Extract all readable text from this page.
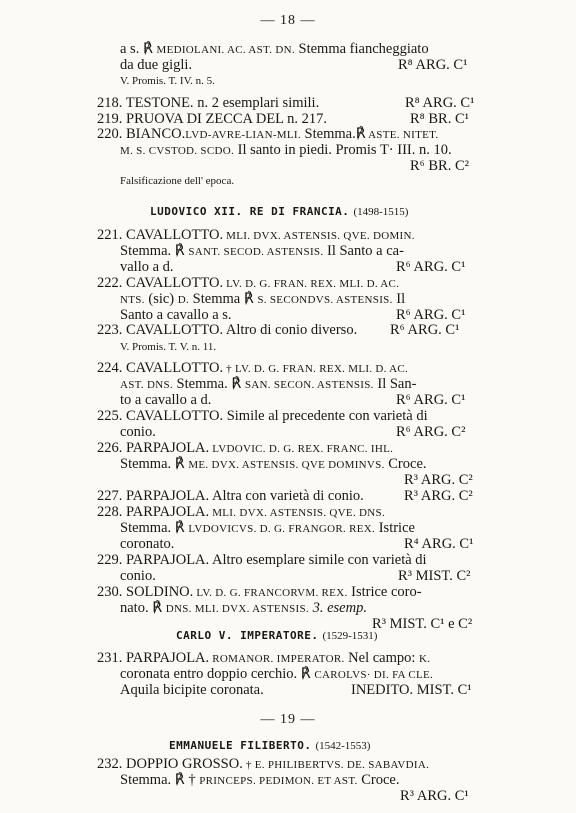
— 18 —
a s. ℟ MEDIOLANI. AC. AST. DN. Stemma fiancheggiato
da due gigli.	R⁸ ARG. C¹
V. Promis. T. IV. n. 5.
218. TESTONE. n. 2 esemplari simili.	R⁸ ARG. C¹
219. PRUOVA DI ZECCA DEL n. 217.	R⁸ BR. C¹
220. BIANCO.LVD-AVRE-LIAN-MLI. Stemma.℟ ASTE. NITET.
M. S. CVSTOD. SCDO. Il santo in piedi. Promis T· III. n. 10.
R⁶ BR. C²
Falsificazione dell' epoca.
LUDOVICO XII. RE DI FRANCIA. (1498-1515)
221. CAVALLOTTO. MLI. DVX. ASTENSIS. QVE. DOMIN.
Stemma. ℟ SANT. SECOD. ASTENSIS. Il Santo a ca-
vallo a d.	R⁶ ARG. C¹
222. CAVALLOTTO. LV. D. G. FRAN. REX. MLI. D. AC.
NTS. (sic) D. Stemma ℟ S. SECONDVS. ASTENSIS. Il
Santo a cavallo a s.	R⁶ ARG. C¹
223. CAVALLOTTO. Altro di conio diverso. R⁶ ARG. C¹
V. Promis. T. V. n. 11.
224. CAVALLOTTO. † LV. D. G. FRAN. REX. MLI. D. AC.
AST. DNS. Stemma. ℟ SAN. SECON. ASTENSIS. Il San-
to a cavallo a d.	R⁶ ARG. C¹
225. CAVALLOTTO. Simile al precedente con varietà di
conio.	R⁶ ARG. C²
226. PARPAJOLA. LVDOVIC. D. G. REX. FRANC. IHL.
Stemma. ℟ ME. DVX. ASTENSIS. QVE DOMINVS. Croce.
R³ ARG. C²
227. PARPAJOLA. Altra con varietà di conio.	R³ ARG. C²
228. PARPAJOLA. MLI. DVX. ASTENSIS. QVE. DNS.
Stemma. ℟ LVDOVICVS. D. G. FRANGOR. REX. Istrice
coronato.	R⁴ ARG. C¹
229. PARPAJOLA. Altro esemplare simile con varietà di
conio.	R³ MIST. C²
230. SOLDINO. LV. D. G. FRANCORVM. REX. Istrice coro-
nato. ℟ DNS. MLI. DVX. ASTENSIS. 3. esemp.
R³ MIST. C¹ e C²
CARLO V. IMPERATORE. (1529-1531)
231. PARPAJOLA. ROMANOR. IMPERATOR. Nel campo: K.
coronata entro doppio cerchio. ℟ CAROLVS· DI. FA CLE.
Aquila bicipite coronata.	INEDITO. MIST. C¹
— 19 —
EMMANUELE FILIBERTO. (1542-1553)
232. DOPPIO GROSSO. † E. PHILIBERTVS. DE. SABAVDIA.
Stemma. ℟ † PRINCEPS. PEDIMON. ET AST. Croce.
R³ ARG. C¹
